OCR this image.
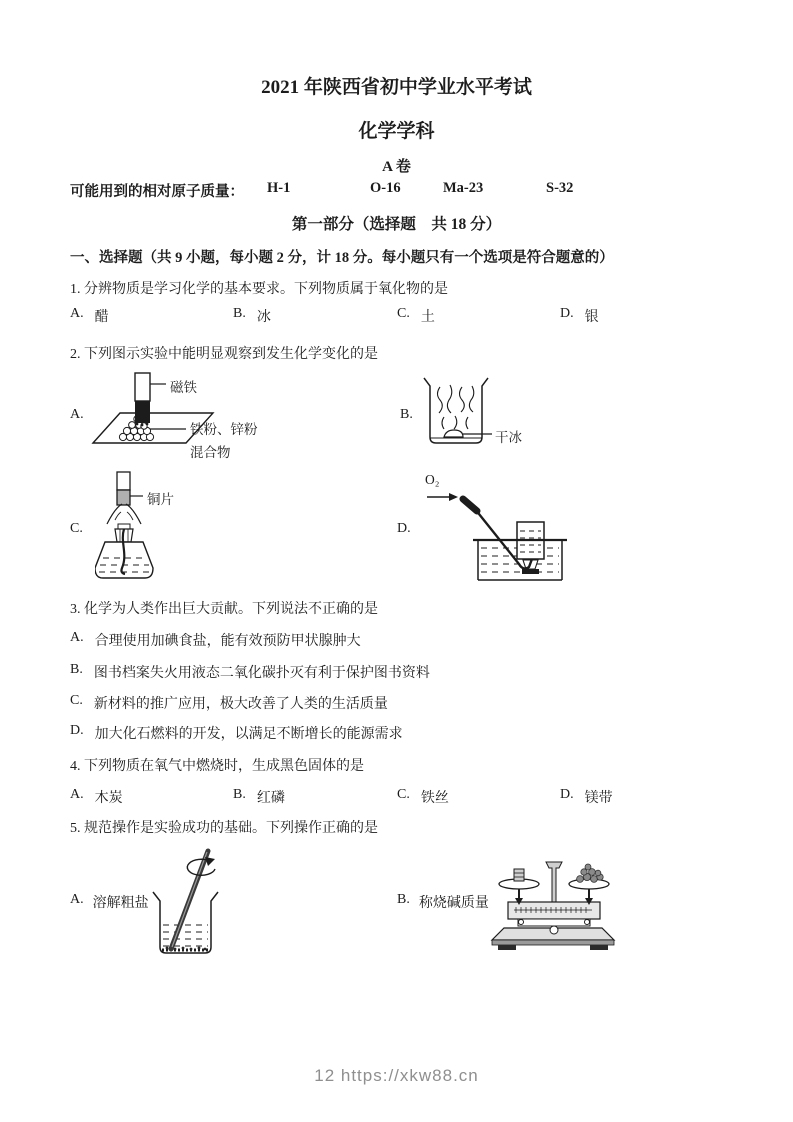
2021 年陕西省初中学业水平考试
化学学科
A 卷
可能用到的相对原子质量： H-1	O-16	Ma-23	S-32
第一部分（选择题　共 18 分）
一、选择题（共 9 小题，每小题 2 分，计 18 分。每小题只有一个选项是符合题意的）
1. 分辨物质是学习化学的基本要求。下列物质属于氧化物的是
A. 醋	B. 冰	C. 土	D. 银
2. 下列图示实验中能明显观察到发生化学变化的是
A.	B.
C.	D.
磁铁
铁粉、锌粉
混合物
干冰
铜片
O₂
3. 化学为人类作出巨大贡献。下列说法不正确的是
A. 合理使用加碘食盐，能有效预防甲状腺肿大
B. 图书档案失火用液态二氧化碳扑灭有利于保护图书资料
C. 新材料的推广应用，极大改善了人类的生活质量
D. 加大化石燃料的开发，以满足不断增长的能源需求
4. 下列物质在氧气中燃烧时，生成黑色固体的是
A. 木炭	B. 红磷	C. 铁丝	D. 镁带
5. 规范操作是实验成功的基础。下列操作正确的是
A. 溶解粗盐	B. 称烧碱质量
12 https://xkw88.cn
